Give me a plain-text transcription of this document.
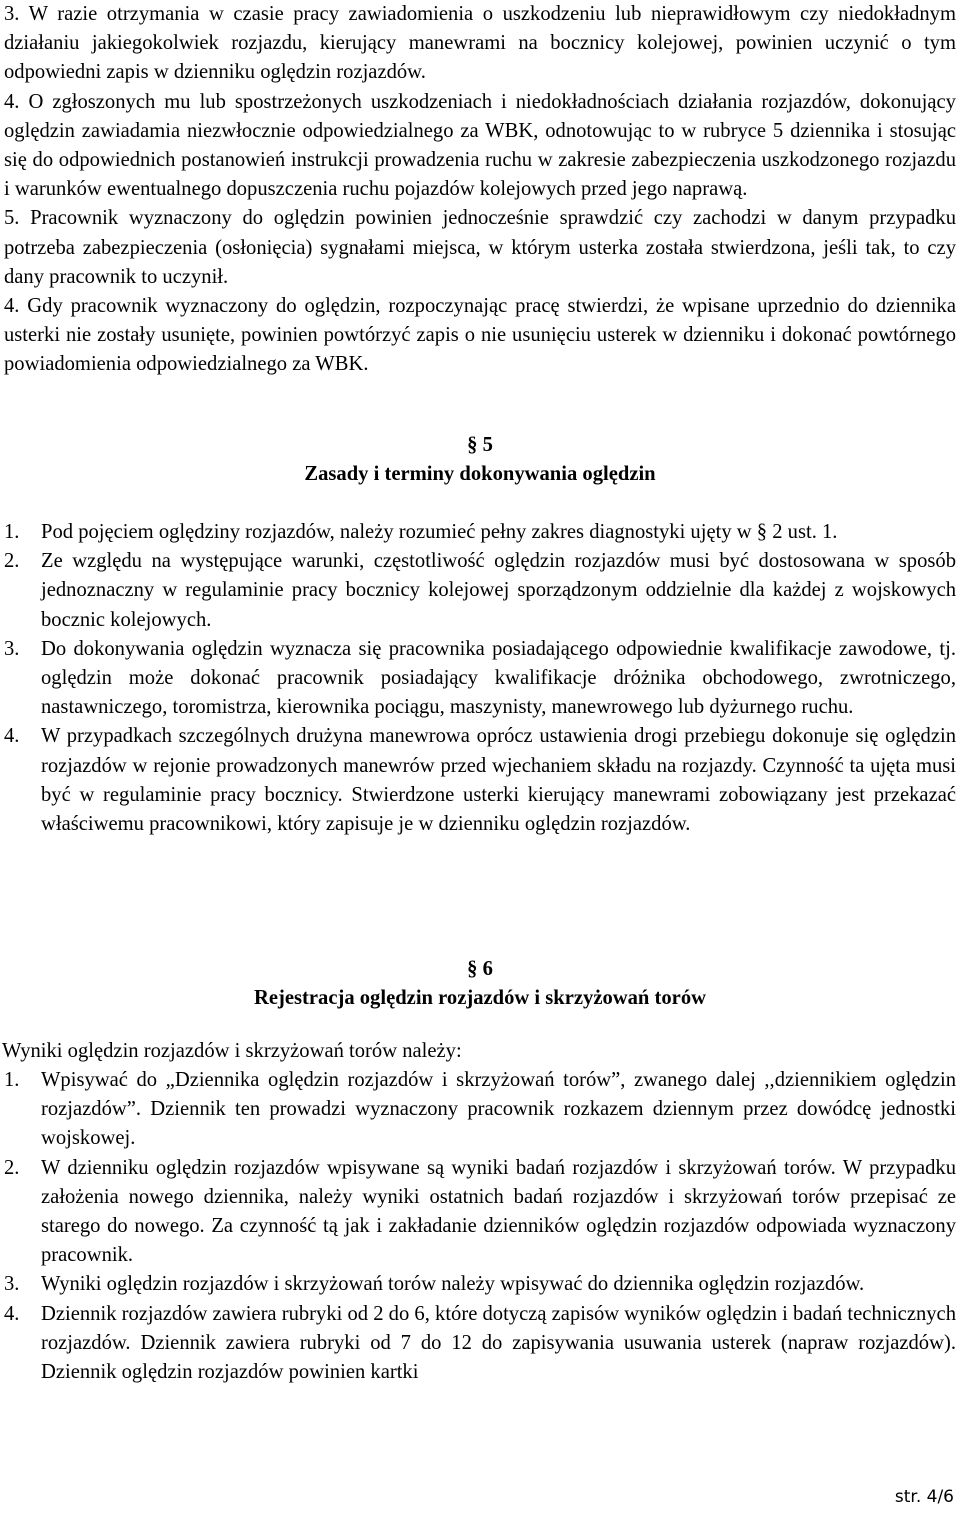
3. W razie otrzymania w czasie pracy zawiadomienia o uszkodzeniu lub nieprawidłowym czy niedokładnym działaniu jakiegokolwiek rozjazdu, kierujący manewrami na bocznicy kolejowej, powinien uczynić o tym odpowiedni zapis w dzienniku oględzin rozjazdów.
4. O zgłoszonych mu lub spostrzeżonych uszkodzeniach i niedokładnościach działania rozjazdów, dokonujący oględzin zawiadamia niezwłocznie odpowiedzialnego za WBK, odnotowując to w rubryce 5 dziennika i stosując się do odpowiednich postanowień instrukcji prowadzenia ruchu w zakresie zabezpieczenia uszkodzonego rozjazdu i warunków ewentualnego dopuszczenia ruchu pojazdów kolejowych przed jego naprawą.
5. Pracownik wyznaczony do oględzin powinien jednocześnie sprawdzić czy zachodzi w danym przypadku potrzeba zabezpieczenia (osłonięcia) sygnałami miejsca, w którym usterka została stwierdzona, jeśli tak, to czy dany pracownik to uczynił.
4. Gdy pracownik wyznaczony do oględzin, rozpoczynając pracę stwierdzi, że wpisane uprzednio do dziennika usterki nie zostały usunięte, powinien powtórzyć zapis o nie usunięciu usterek w dzienniku i dokonać powtórnego powiadomienia odpowiedzialnego za WBK.
§ 5
Zasady i terminy dokonywania oględzin
1. Pod pojęciem oględziny rozjazdów, należy rozumieć pełny zakres diagnostyki ujęty w § 2 ust. 1.
2. Ze względu na występujące warunki, częstotliwość oględzin rozjazdów musi być dostosowana w sposób jednoznaczny w regulaminie pracy bocznicy kolejowej sporządzonym oddzielnie dla każdej z wojskowych bocznic kolejowych.
3. Do dokonywania oględzin wyznacza się pracownika posiadającego odpowiednie kwalifikacje zawodowe, tj. oględzin może dokonać pracownik posiadający kwalifikacje dróżnika obchodowego, zwrotniczego, nastawniczego, toromistrza, kierownika pociągu, maszynisty, manewrowego lub dyżurnego ruchu.
4. W przypadkach szczególnych drużyna manewrowa oprócz ustawienia drogi przebiegu dokonuje się oględzin rozjazdów w rejonie prowadzonych manewrów przed wjechaniem składu na rozjazdy. Czynność ta ujęta musi być w regulaminie pracy bocznicy. Stwierdzone usterki kierujący manewrami zobowiązany jest przekazać właściwemu pracownikowi, który zapisuje je w dzienniku oględzin rozjazdów.
§ 6
Rejestracja oględzin rozjazdów i skrzyżowań torów
Wyniki oględzin rozjazdów i skrzyżowań torów należy:
1. Wpisywać do „Dziennika oględzin rozjazdów i skrzyżowań torów”, zwanego dalej ,,dziennikiem oględzin rozjazdów”. Dziennik ten prowadzi wyznaczony pracownik rozkazem dziennym przez dowódcę jednostki wojskowej.
2. W dzienniku oględzin rozjazdów wpisywane są wyniki badań rozjazdów i skrzyżowań torów. W przypadku założenia nowego dziennika, należy wyniki ostatnich badań rozjazdów i skrzyżowań torów przepisać ze starego do nowego. Za czynność tą jak i zakładanie dzienników oględzin rozjazdów odpowiada wyznaczony pracownik.
3. Wyniki oględzin rozjazdów i skrzyżowań torów należy wpisywać do dziennika oględzin rozjazdów.
4. Dziennik rozjazdów zawiera rubryki od 2 do 6, które dotyczą zapisów wyników oględzin i badań technicznych rozjazdów. Dziennik zawiera rubryki od 7 do 12 do zapisywania usuwania usterek (napraw rozjazdów). Dziennik oględzin rozjazdów powinien kartki
str. 4/6
